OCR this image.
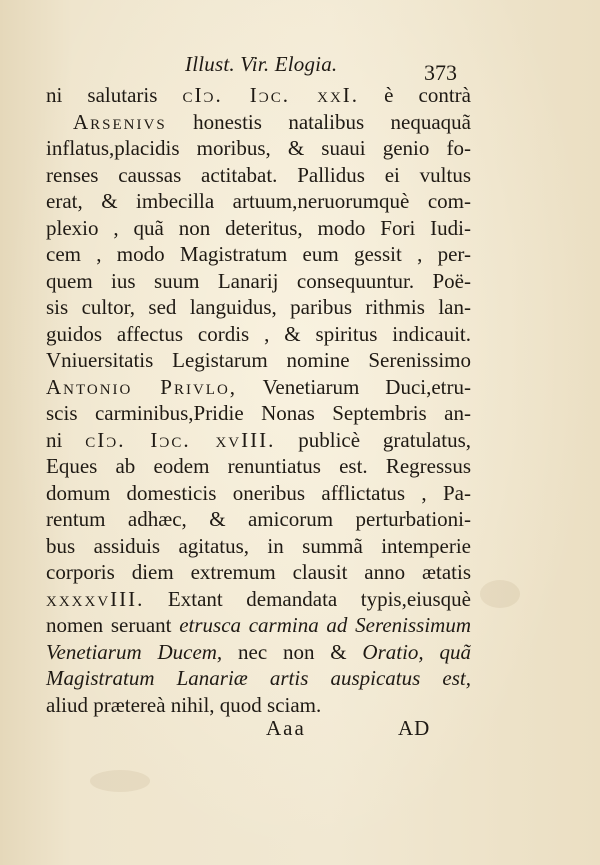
Illust. Vir. Elogia.	373
ni salutaris cIɔ. Iɔc. xxI. è contrà
Arsenivs honestis natalibus nequaquã
inflatus,placidis moribus, & suaui genio fo-
renses caussas actitabat. Pallidus ei vultus
erat, & imbecilla artuum,neruorumquè com-
plexio , quã non deteritus, modo Fori Iudi-
cem , modo Magistratum eum gessit , per-
quem ius suum Lanarij consequuntur. Poë-
sis cultor, sed languidus, paribus rithmis lan-
guidos affectus cordis , & spiritus indicauit.
Vniuersitatis Legistarum nomine Serenissimo
Antonio Privlo, Venetiarum Duci,etru-
scis carminibus,Pridie Nonas Septembris an-
ni cIɔ. Iɔc. xvIII. publicè gratulatus,
Eques ab eodem renuntiatus est. Regressus
domum domesticis oneribus afflictatus , Pa-
rentum adhæc, & amicorum perturbationi-
bus assiduis agitatus, in summã intemperie
corporis diem extremum clausit anno ætatis
xxxxvIII. Extant demandata typis,eiusquè
nomen seruant etrusca carmina ad Serenissimum
Venetiarum Ducem, nec non & Oratio, quã
Magistratum Lanariæ artis auspicatus est,
aliud prætereà nihil, quod sciam.
Aaa	AD
